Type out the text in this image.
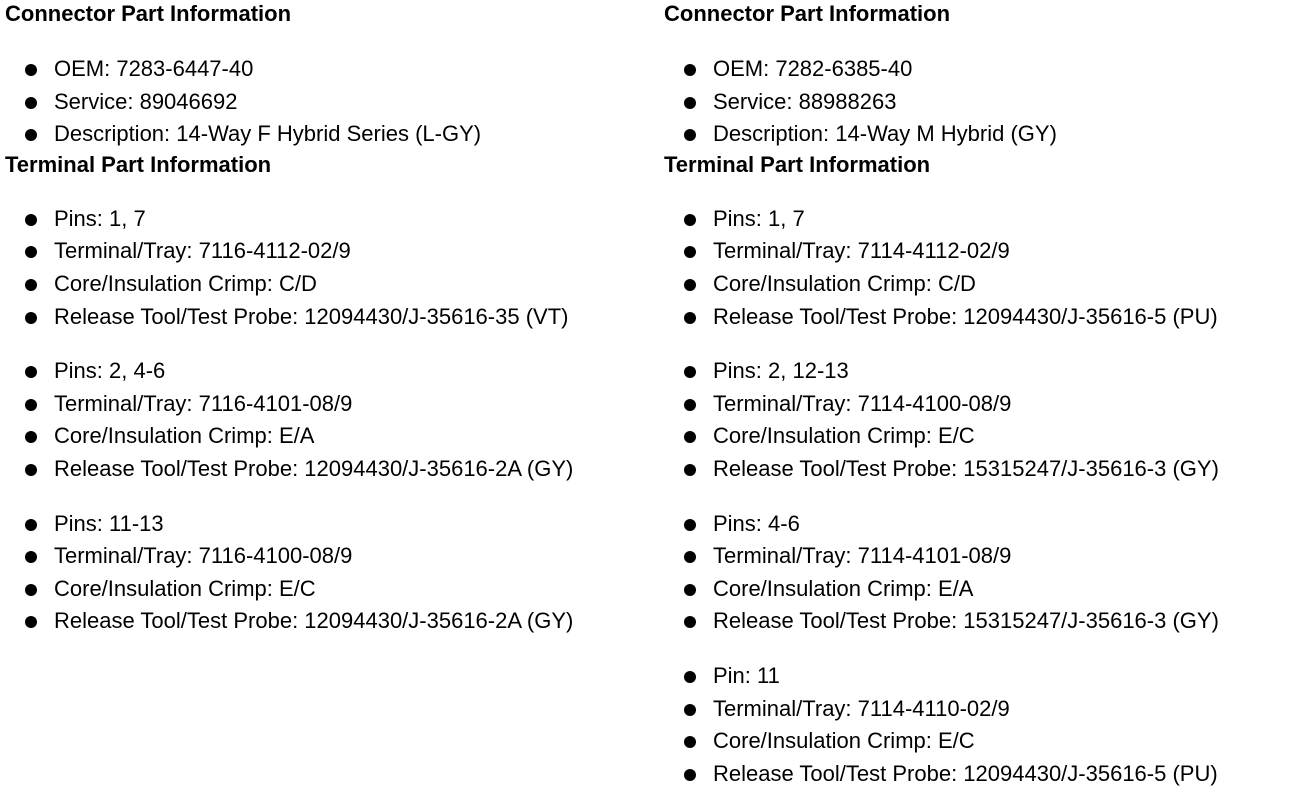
Connector Part Information
OEM: 7283-6447-40
Service: 89046692
Description: 14-Way F Hybrid Series (L-GY)
Terminal Part Information
Pins: 1, 7
Terminal/Tray: 7116-4112-02/9
Core/Insulation Crimp: C/D
Release Tool/Test Probe: 12094430/J-35616-35 (VT)
Pins: 2, 4-6
Terminal/Tray: 7116-4101-08/9
Core/Insulation Crimp: E/A
Release Tool/Test Probe: 12094430/J-35616-2A (GY)
Pins: 11-13
Terminal/Tray: 7116-4100-08/9
Core/Insulation Crimp: E/C
Release Tool/Test Probe: 12094430/J-35616-2A (GY)
Connector Part Information
OEM: 7282-6385-40
Service: 88988263
Description: 14-Way M Hybrid (GY)
Terminal Part Information
Pins: 1, 7
Terminal/Tray: 7114-4112-02/9
Core/Insulation Crimp: C/D
Release Tool/Test Probe: 12094430/J-35616-5 (PU)
Pins: 2, 12-13
Terminal/Tray: 7114-4100-08/9
Core/Insulation Crimp: E/C
Release Tool/Test Probe: 15315247/J-35616-3 (GY)
Pins: 4-6
Terminal/Tray: 7114-4101-08/9
Core/Insulation Crimp: E/A
Release Tool/Test Probe: 15315247/J-35616-3 (GY)
Pin: 11
Terminal/Tray: 7114-4110-02/9
Core/Insulation Crimp: E/C
Release Tool/Test Probe: 12094430/J-35616-5 (PU)
